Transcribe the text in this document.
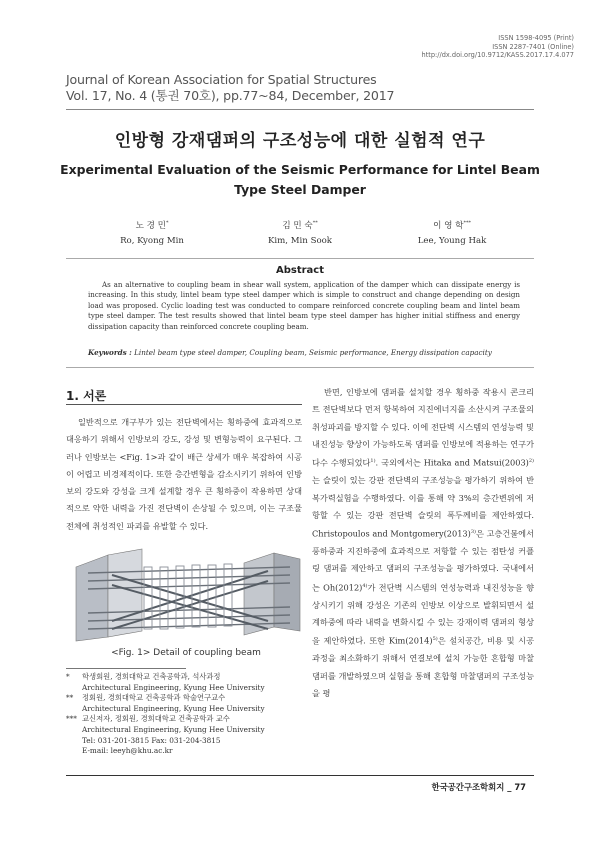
ISSN 1598-4095 (Print)
ISSN 2287-7401 (Online)
http://dx.doi.org/10.9712/KASS.2017.17.4.077
Journal of Korean Association for Spatial Structures
Vol. 17, No. 4 (통권 70호), pp.77~84, December, 2017
인방형 강재댐퍼의 구조성능에 대한 실험적 연구
Experimental Evaluation of the Seismic Performance for Lintel Beam Type Steel Damper
노 경 민*
Ro, Kyong Min
김 민 숙**
Kim, Min Sook
이 영 학***
Lee, Young Hak
Abstract
As an alternative to coupling beam in shear wall system, application of the damper which can dissipate energy is increasing. In this study, lintel beam type steel damper which is simple to construct and change depending on design load was proposed. Cyclic loading test was conducted to compare reinforced concrete coupling beam and lintel beam type steel damper. The test results showed that lintel beam type steel damper has higher initial stiffness and energy dissipation capacity than reinforced concrete coupling beam.
Keywords : Lintel beam type steel damper, Coupling beam, Seismic performance, Energy dissipation capacity
1. 서론
일반적으로 개구부가 있는 전단벽에서는 횡하중에 효과적으로 대응하기 위해서 인방보의 강도, 강성 및 변형능력이 요구된다. 그러나 인방보는 <Fig. 1>과 같이 배근 상세가 매우 복잡하여 시공이 어렵고 비경제적이다. 또한 층간변형을 감소시키기 위하여 인방보의 강도와 강성을 크게 설계할 경우 큰 횡하중이 작용하면 상대적으로 약한 내력을 가진 전단벽이 손상될 수 있으며, 이는 구조물 전체에 취성적인 파괴를 유발할 수 있다.
<Fig. 1> Detail of coupling beam
*	학생회원, 경희대학교 건축공학과, 석사과정
Architectural Engineering, Kyung Hee University
**	정회원, 경희대학교 건축공학과 학술연구교수
Architectural Engineering, Kyung Hee University
*** 교신저자, 정회원, 경희대학교 건축공학과 교수
Architectural Engineering, Kyung Hee University
Tel: 031-201-3815 Fax: 031-204-3815
E-mail: leeyh@khu.ac.kr
반면, 인방보에 댐퍼를 설치할 경우 횡하중 작용시 콘크리트 전단벽보다 먼저 항복하여 지진에너지를 소산시켜 구조물의 취성파괴를 방지할 수 있다. 이에 전단벽 시스템의 연성능력 및 내진성능 향상이 가능하도록 댐퍼를 인방보에 적용하는 연구가 다수 수행되었다$^{1)}$. 국외에서는 Hitaka and $Matsui(2003)^{2)}$는 슬릿이 있는 강판 전단벽의 구조성능을 평가하기 위하여 반복가력실험을 수행하였다. 이를 통해 약 3%의 층간변위에 저항할 수 있는 강판 전단벽 슬릿의 폭두께비를 제안하였다. Christopoulos and $Montgomery(2013)^{3)}$은 고층건물에서 풍하중과 지진하중에 효과적으로 저항할 수 있는 점탄성 커플링 댐퍼를 제안하고 댐퍼의 구조성능을 평가하였다. 국내에서는 $Oh(2012)^{4)}$가 전단벽 시스템의 연성능력과 내진성능을 향상시키기 위해 강성은 기존의 인방보 이상으로 발휘되면서 설계하중에 따라 내력을 변화시킬 수 있는 강재이력 댐퍼의 형상을 제안하였다. 또한 $Kim(2014)^{5)}$은 설치공간, 비용 및 시공과정을 최소화하기 위해서 연결보에 설치 가능한 혼합형 마찰댐퍼를 개발하였으며 실험을 통해 혼합형 마찰댐퍼의 구조성능을 평
한국공간구조학회지 _ 77
